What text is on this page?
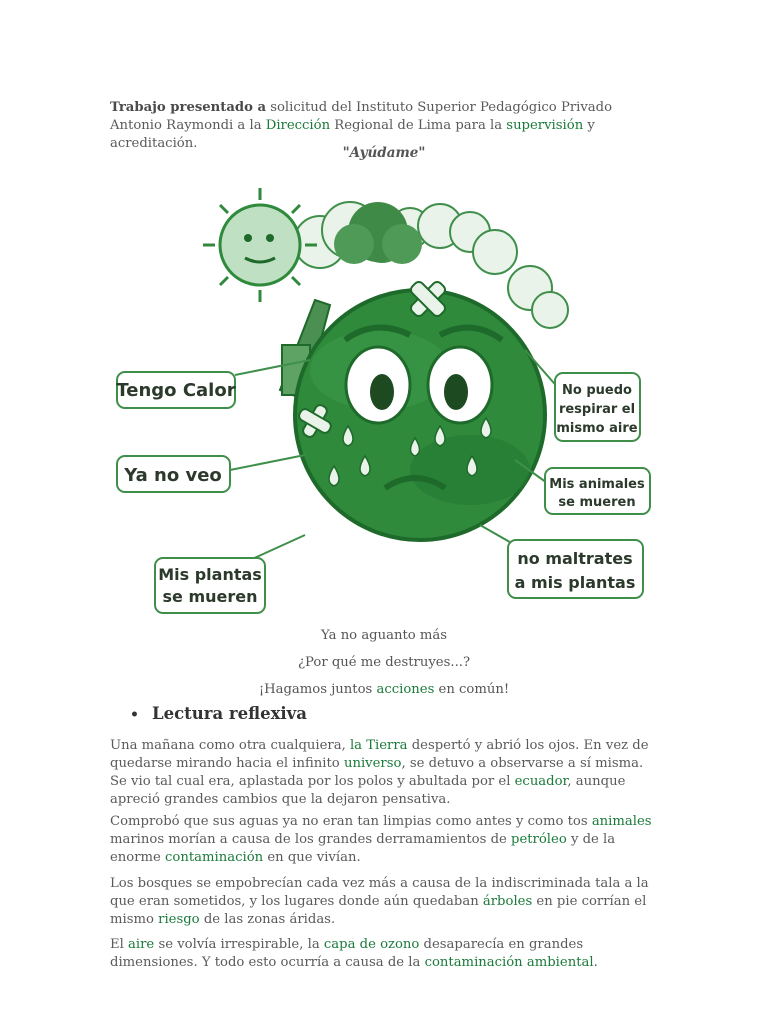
Trabajo presentado a solicitud del Instituto Superior Pedagógico Privado Antonio Raymondi a la Dirección Regional de Lima para la supervisión y acreditación.
"Ayúdame"
Tengo Calor
Ya no veo
Mis plantas
se mueren
No puedo
respirar el
mismo aire
Mis animales
se mueren
no maltrates
a mis plantas
Ya no aguanto más
¿Por qué me destruyes...?
¡Hagamos juntos acciones en común!
• Lectura reflexiva
Una mañana como otra cualquiera, la Tierra despertó y abrió los ojos. En vez de quedarse mirando hacia el infinito universo, se detuvo a observarse a sí misma. Se vio tal cual era, aplastada por los polos y abultada por el ecuador, aunque apreció grandes cambios que la dejaron pensativa.
Comprobó que sus aguas ya no eran tan limpias como antes y como tos animales marinos morían a causa de los grandes derramamientos de petróleo y de la enorme contaminación en que vivían.
Los bosques se empobrecían cada vez más a causa de la indiscriminada tala a la que eran sometidos, y los lugares donde aún quedaban árboles en pie corrían el mismo riesgo de las zonas áridas.
El aire se volvía irrespirable, la capa de ozono desaparecía en grandes dimensiones. Y todo esto ocurría a causa de la contaminación ambiental.
